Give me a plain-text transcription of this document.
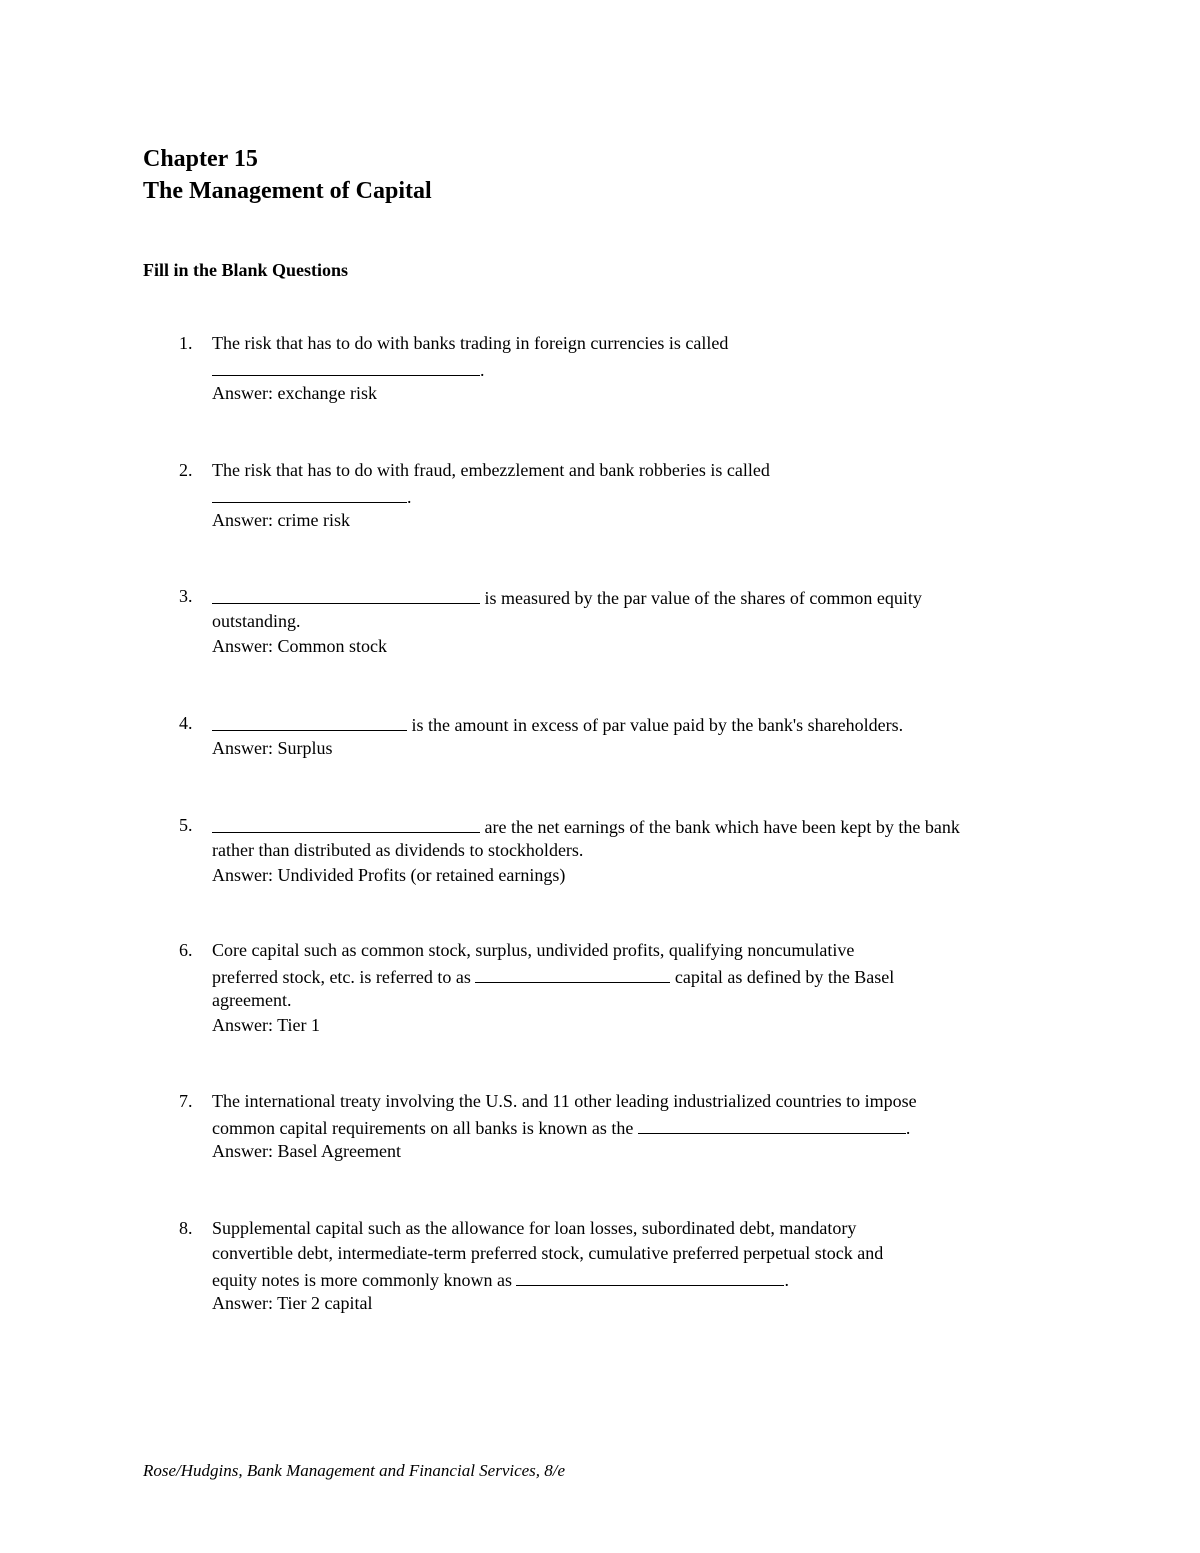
Chapter 15
The Management of Capital
Fill in the Blank Questions
1.	The risk that has to do with banks trading in foreign currencies is called
.
Answer: exchange risk
2.	The risk that has to do with fraud, embezzlement and bank robberies is called
.
Answer: crime risk
3.	is measured by the par value of the shares of common equity
outstanding.
Answer: Common stock
4.	is the amount in excess of par value paid by the bank's shareholders.
Answer: Surplus
5.	are the net earnings of the bank which have been kept by the bank
rather than distributed as dividends to stockholders.
Answer: Undivided Profits (or retained earnings)
6.	Core capital such as common stock, surplus, undivided profits, qualifying noncumulative
preferred stock, etc. is referred to as	capital as defined by the Basel
agreement.
Answer: Tier 1
7.	The international treaty involving the U.S. and 11 other leading industrialized countries to impose
common capital requirements on all banks is known as the	.
Answer: Basel Agreement
8.	Supplemental capital such as the allowance for loan losses, subordinated debt, mandatory
convertible debt, intermediate-term preferred stock, cumulative preferred perpetual stock and
equity notes is more commonly known as	.
Answer: Tier 2 capital
Rose/Hudgins, Bank Management and Financial Services, 8/e
